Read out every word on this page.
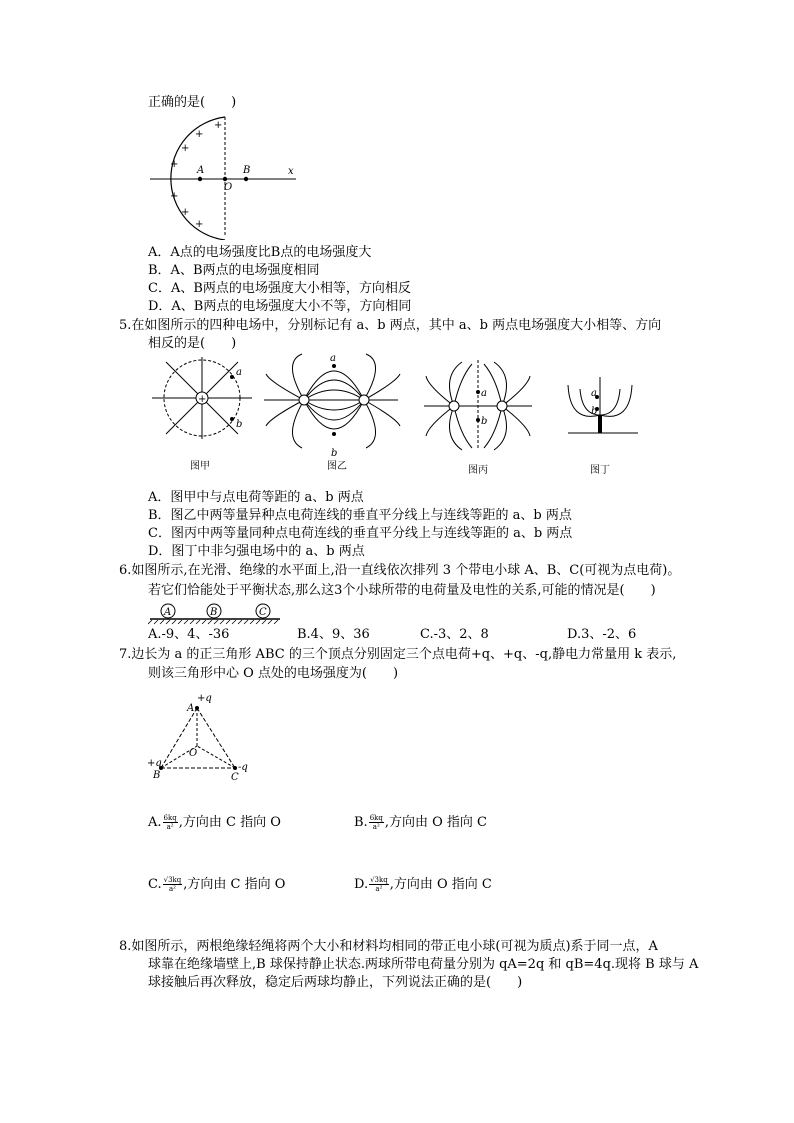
正确的是(　　)
A	B
O
x
+
+
+
+
+
+
+
A．A点的电场强度比B点的电场强度大
B．A、B两点的电场强度相同
C．A、B两点的电场强度大小相等，方向相反
D．A、B两点的电场强度大小不等，方向相同
5.在如图所示的四种电场中，分别标记有 a、b 两点，其中 a、b 两点电场强度大小相等、方向
相反的是(　　)
+
a
b
图甲
a
b
图乙
a
b
图丙
a
b
图丁
A．图甲中与点电荷等距的 a、b 两点
B．图乙中两等量异种点电荷连线的垂直平分线上与连线等距的 a、b 两点
C．图丙中两等量同种点电荷连线的垂直平分线上与连线等距的 a、b 两点
D．图丁中非匀强电场中的 a、b 两点
6.如图所示,在光滑、绝缘的水平面上,沿一直线依次排列 3 个带电小球 A、B、C(可视为点电荷)。
若它们恰能处于平衡状态,那么这3个小球所带的电荷量及电性的关系,可能的情况是(　　)
A	B	C
A.-9、4、-36	B.4、9、36	C.-3、2、8	D.3、-2、6
7.边长为 a 的正三角形 ABC 的三个顶点分别固定三个点电荷+q、+q、-q,静电力常量用 k 表示,
则该三角形中心 O 点处的电场强度为(　　)
+q
A
O
+q
B	C
-q
A. $\frac{6kq}{\text{a²}}$ ,方向由 C 指向 O	B. $\frac{6kq}{\text{a²}}$ ,方向由 O 指向 C
C. $\frac{√3kq}{\text{a²}}$ ,方向由 C 指向 O	D. $\frac{√3kq}{\text{a²}}$ ,方向由 O 指向 C
8.如图所示，两根绝缘轻绳将两个大小和材料均相同的带正电小球(可视为质点)系于同一点，A
球靠在绝缘墙壁上,B 球保持静止状态.两球所带电荷量分别为 qA=2q 和 qB=4q.现将 B 球与 A
球接触后再次释放，稳定后两球均静止，下列说法正确的是(　　)
